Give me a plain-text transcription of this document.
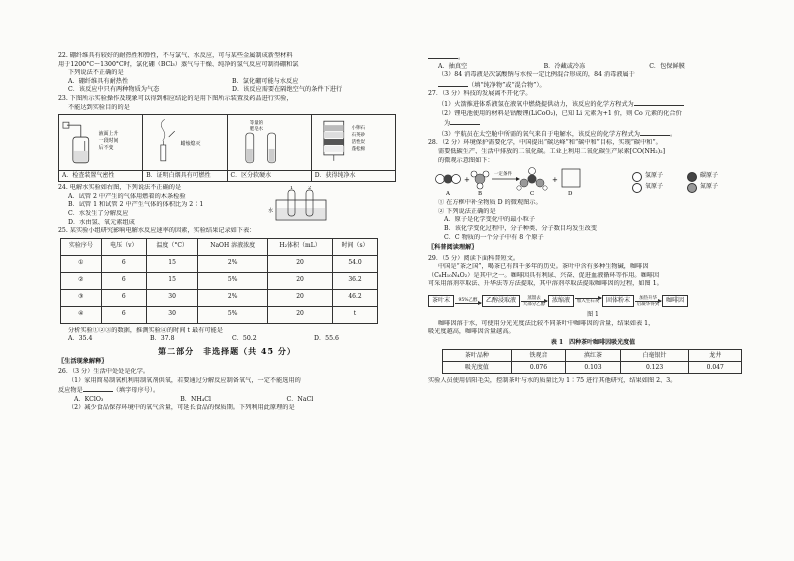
22. 硼纤维具有较好的耐热性和弹性，不与氯气、水反应，可与某些金属制成新型材料
用于1200°C～1300°C时，氯化硼（BCl₃）蒸气与干燥、纯净的氢气反应可制得硼和氯
下列说法不正确的是
A．硼纤维具有耐热性	B．氯化硼可能与水反应
C．该反应中只有两种物质为气态	D．该反应需要在隔绝空气的条件下进行
23. 下图所示实验操作及现象可以得到相应结论的是用下图所示装置及药品进行实验，
不能达到实验目的的是
液面上升
一段时间
后不变
A．检查装置气密性
蜡烛熄灭
B．证明白烟具有可燃性
等量的
肥皂水
C．区分软硬水
小卵石
石英砂
活性炭
蓬松棉
D．获得纯净水
24. 电解水实验如右图，下列说法不正确的是
A．试管 2 中产生的气体用燃着的木条检验
B．试管 1 和试管 2 中产生气体的体积比为 2∶1
C．水发生了分解反应
D．水由氢、氧元素组成
1	2
水
25. 某实验小组研究影响电解水反应速率的因素，实验结果记录如下表：
实验序号	电压（v）	温度（°C）	NaOH 溶液浓度	H₂体积（mL）	时间（s）
①	6	15	2%	20	54.0
②	6	15	5%	20	36.2
③	6	30	2%	20	46.2
④	6	30	5%	20	t
分析实验①②③的数据，推测实验④的时间 t 最有可能是
A．35.4	B．37.8	C．50.2	D．55.6
第二部分　非选择题（共 45 分）
〖生活现象解释〗
26．（3 分）生活中处处是化学。
（1）家用简易制氧机利用制氧剂供氧，若要通过分解反应制备氧气，一定不能选用的
反应物是	（填字母序号）。
A．KClO₃	B．NH₄Cl	C．NaCl
（2）减少食品保存环境中的氧气含量，可延长食品的保质期。下列利用此原理的是
。
A．抽真空	B．冷藏或冷冻	C．包保鲜膜
（3）84 消毒液是次氯酸钠与水按一定比例混合形成的，84 消毒液属于
（填“纯净物”或“混合物”）。
27．（3 分）科技的发展离不开化学。
（1）火箭推进体系液氢在液氧中燃烧提供动力，该反应的化学方程式为
（2）锂电池使用的材料是钴酸锂(LiCoO₂)，已知 Li 元素为+1 价，则 Co 元素的化合价
为
（3）宇航员在太空舱中所需的氧气来自于电解水，该反应的化学方程式为	。
28．（2 分）环境保护需要化学，中国提出“碳达峰”和“碳中和”目标，实现“碳中和”。
需要低碳生产、生活中排放的二氧化碳。工业上利用二氧化碳生产尿素[CO(NH₂)₂]
的微观示意图如下：
A
+
B
一定条件
C
+
D
氢原子	碳原子
氧原子	氮原子
① 在方框中补全物质 D 的微观图示。
② 下列说法正确的是
A．原子是化学变化中的最小粒子
B．该化学变化过程中，分子种类、分子数目均发生改变
C．C 物质的一个分子中有 8 个原子
〖科普阅读理解〗
29．（5 分）阅读下面科普短文。
中国是“茶之国”，喝茶已有四千多年的历史。茶叶中含有多种生物碱，咖啡因
（C₈H₁₀N₄O₂）是其中之一。咖啡因具有利尿、兴奋、促进血液循环等作用。咖啡因
可采用溶剂萃取法、升华法等方法提取，其中溶剂萃取法提取咖啡因的过程，如图 1。
茶叶末	95%乙醇	乙醇浸取液	蒸馏去
大部分乙醇
浓缩液	加入生石灰	固体粉末	加热升华
后凝华得到
咖啡因
图 1
咖啡因溶于水，可使用分光光度法比较不同茶叶中咖啡因的含量，结果如表 1，
吸光度越高，咖啡因含量越高。
表 1　四种茶叶咖啡因吸光度值
茶叶品种	铁观音	滇红茶	白毫银针	龙井
吸光度值	0.076	0.103	0.123	0.047
实验人员使用信阳毛尖，控制茶叶与水的质量比为 1∶75 进行其他研究，结果如图 2、3。
